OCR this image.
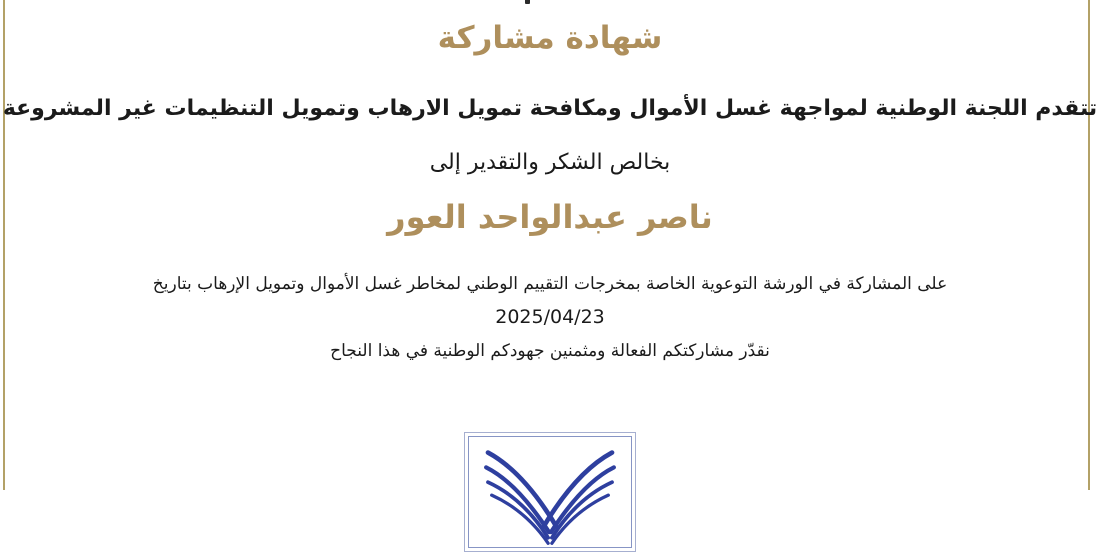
شهادة مشاركة
تتقدم اللجنة الوطنية لمواجهة غسل الأموال ومكافحة تمويل الارهاب وتمويل التنظيمات غير المشروعة
بخالص الشكر والتقدير إلى
ناصر عبدالواحد العور
على المشاركة في الورشة التوعوية الخاصة بمخرجات التقييم الوطني لمخاطر غسل الأموال وتمويل الإرهاب بتاريخ
2025/04/23
نقدّر مشاركتكم الفعالة ومثمنين جهودكم الوطنية في هذا النجاح
